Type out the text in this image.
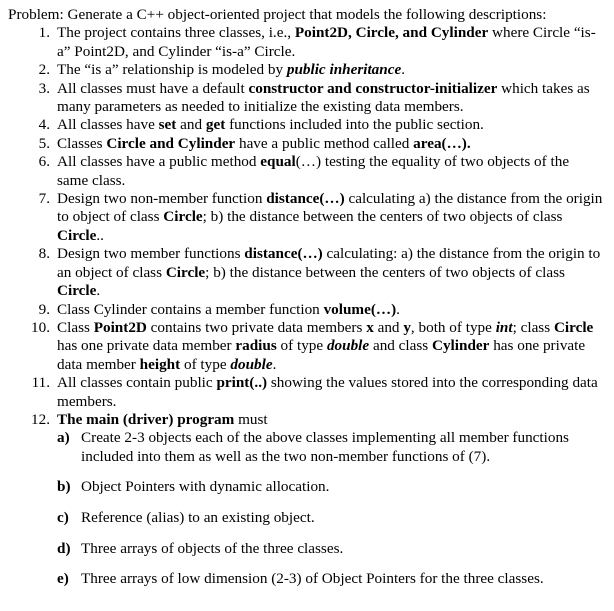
Problem: Generate a C++ object-oriented project that models the following descriptions:
1. The project contains three classes, i.e., Point2D, Circle, and Cylinder where Circle “is-a” Point2D, and Cylinder “is-a” Circle.
2. The “is a” relationship is modeled by public inheritance.
3. All classes must have a default constructor and constructor-initializer which takes as many parameters as needed to initialize the existing data members.
4. All classes have set and get functions included into the public section.
5. Classes Circle and Cylinder have a public method called area(…).
6. All classes have a public method equal(…) testing the equality of two objects of the same class.
7. Design two non-member function distance(…) calculating a) the distance from the origin to object of class Circle; b) the distance between the centers of two objects of class Circle..
8. Design two member functions distance(…) calculating: a) the distance from the origin to an object of class Circle; b) the distance between the centers of two objects of class Circle.
9. Class Cylinder contains a member function volume(…).
10. Class Point2D contains two private data members x and y, both of type int; class Circle has one private data member radius of type double and class Cylinder has one private data member height of type double.
11. All classes contain public print(..) showing the values stored into the corresponding data members.
12. The main (driver) program must
a) Create 2-3 objects each of the above classes implementing all member functions included into them as well as the two non-member functions of (7).
b) Object Pointers with dynamic allocation.
c) Reference (alias) to an existing object.
d) Three arrays of objects of the three classes.
e) Three arrays of low dimension (2-3) of Object Pointers for the three classes.
